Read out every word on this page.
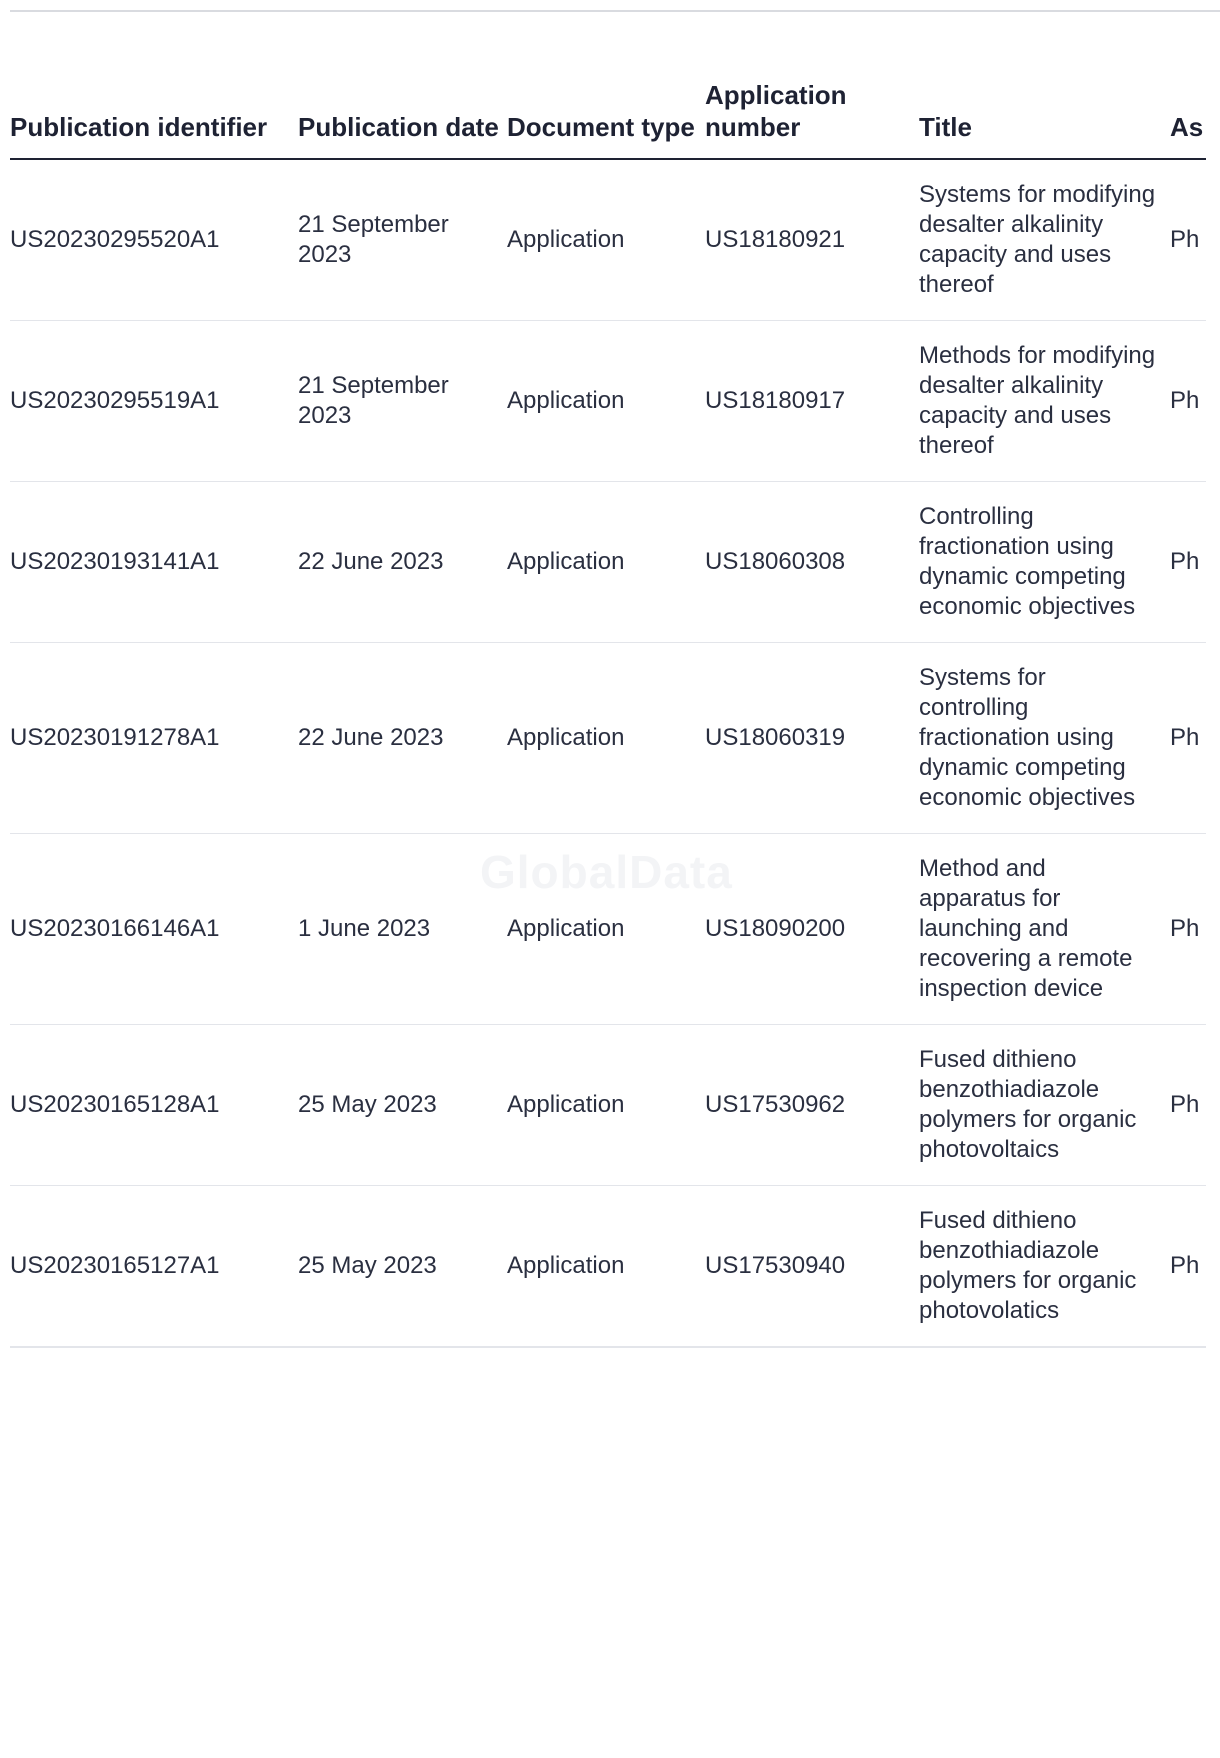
GlobalData
Publication identifier	Publication date	Document type	Application number	Title	As
US20230295520A1	21 September 2023	Application	US18180921	Systems for modifying desalter alkalinity capacity and uses thereof	Ph
US20230295519A1	21 September 2023	Application	US18180917	Methods for modifying desalter alkalinity capacity and uses thereof	Ph
US20230193141A1	22 June 2023	Application	US18060308	Controlling fractionation using dynamic competing economic objectives	Ph
US20230191278A1	22 June 2023	Application	US18060319	Systems for controlling fractionation using dynamic competing economic objectives	Ph
US20230166146A1	1 June 2023	Application	US18090200	Method and apparatus for launching and recovering a remote inspection device	Ph
US20230165128A1	25 May 2023	Application	US17530962	Fused dithieno benzothiadiazole polymers for organic photovoltaics	Ph
US20230165127A1	25 May 2023	Application	US17530940	Fused dithieno benzothiadiazole polymers for organic photovolatics	Ph
